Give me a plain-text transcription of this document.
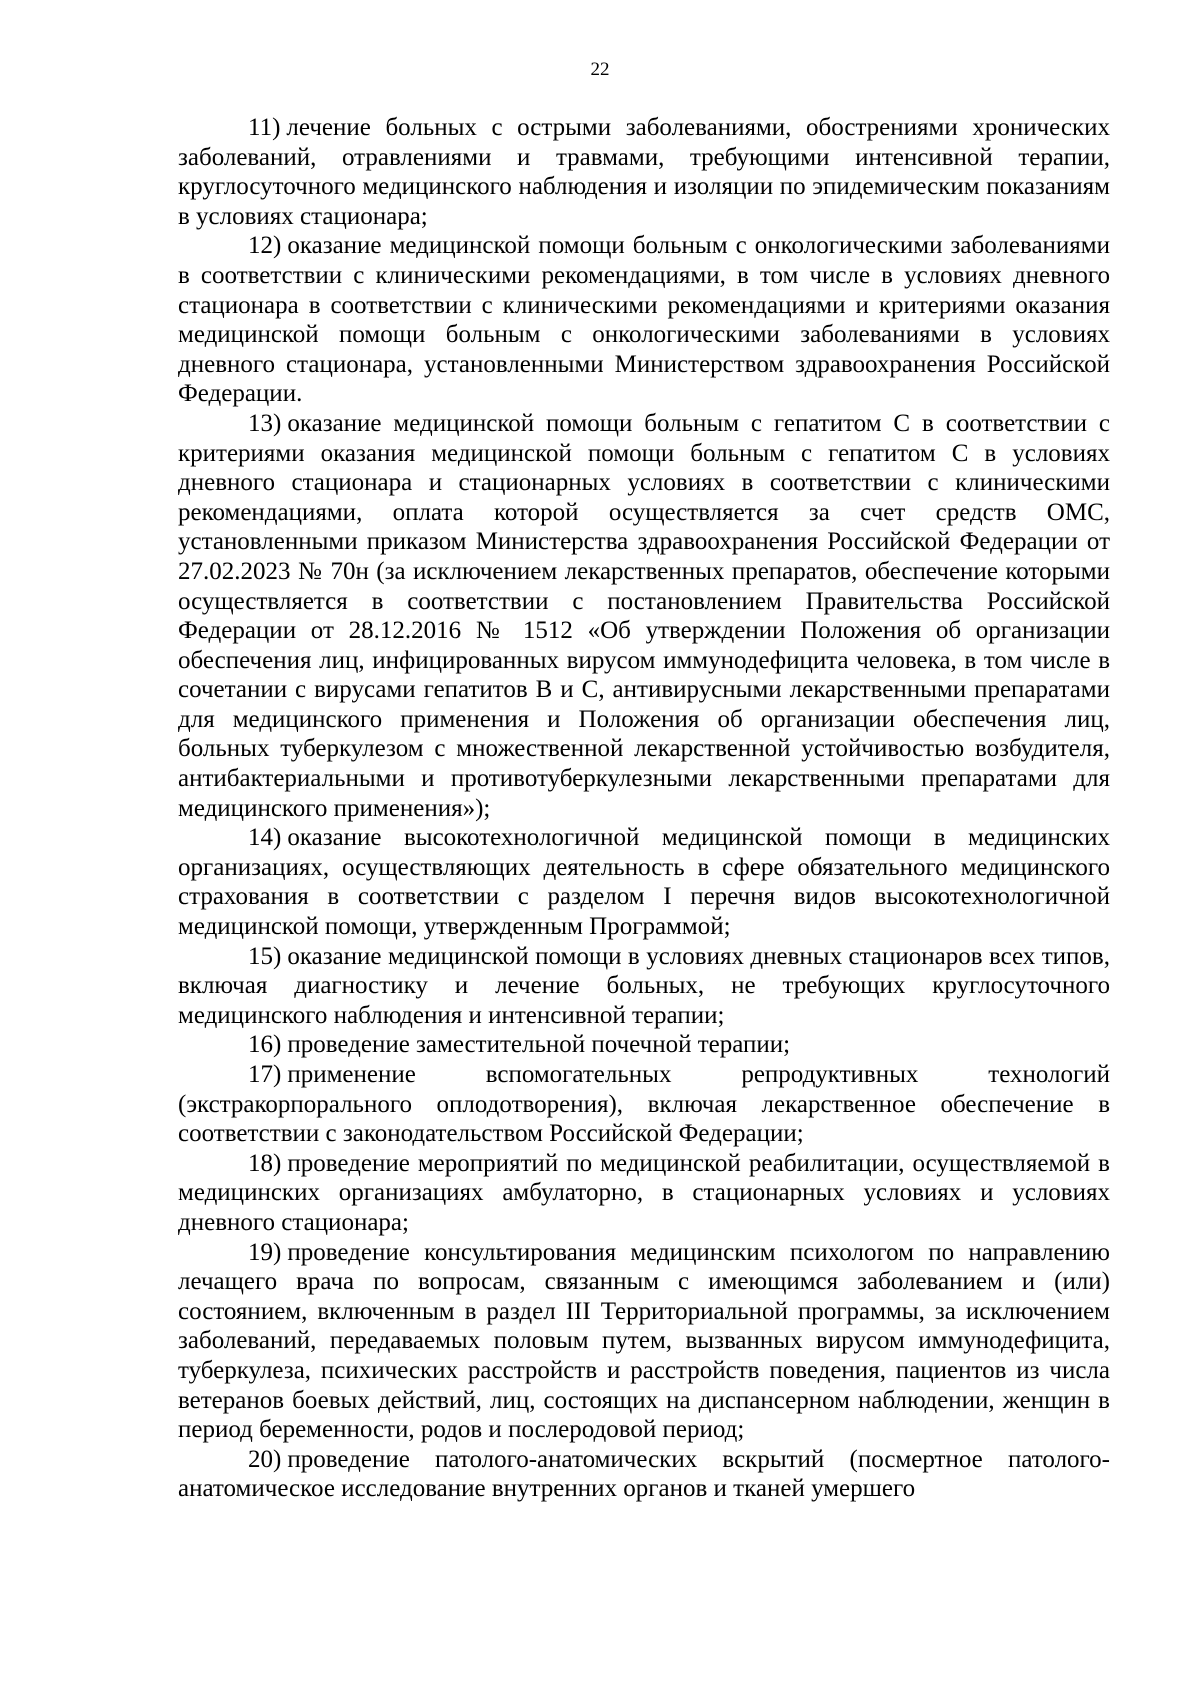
22

11) лечение больных с острыми заболеваниями, обострениями хронических заболеваний, отравлениями и травмами, требующими интенсивной терапии, круглосуточного медицинского наблюдения и изоляции по эпидемическим показаниям в условиях стационара;

12) оказание медицинской помощи больным с онкологическими заболеваниями в соответствии с клиническими рекомендациями, в том числе в условиях дневного стационара в соответствии с клиническими рекомендациями и критериями оказания медицинской помощи больным с онкологическими заболеваниями в условиях дневного стационара, установленными Министерством здравоохранения Российской Федерации.

13) оказание медицинской помощи больным с гепатитом С в соответствии с критериями оказания медицинской помощи больным с гепатитом С в условиях дневного стационара и стационарных условиях в соответствии с клиническими рекомендациями, оплата которой осуществляется за счет средств ОМС, установленными приказом Министерства здравоохранения Российской Федерации от 27.02.2023 № 70н (за исключением лекарственных препаратов, обеспечение которыми осуществляется в соответствии с постановлением Правительства Российской Федерации от 28.12.2016 № 1512 «Об утверждении Положения об организации обеспечения лиц, инфицированных вирусом иммунодефицита человека, в том числе в сочетании с вирусами гепатитов B и C, антивирусными лекарственными препаратами для медицинского применения и Положения об организации обеспечения лиц, больных туберкулезом с множественной лекарственной устойчивостью возбудителя, антибактериальными и противотуберкулезными лекарственными препаратами для медицинского применения»);

14) оказание высокотехнологичной медицинской помощи в медицинских организациях, осуществляющих деятельность в сфере обязательного медицинского страхования в соответствии с разделом I перечня видов высокотехнологичной медицинской помощи, утвержденным Программой;

15) оказание медицинской помощи в условиях дневных стационаров всех типов, включая диагностику и лечение больных, не требующих круглосуточного медицинского наблюдения и интенсивной терапии;

16) проведение заместительной почечной терапии;

17) применение вспомогательных репродуктивных технологий (экстракорпорального оплодотворения), включая лекарственное обеспечение в соответствии с законодательством Российской Федерации;

18) проведение мероприятий по медицинской реабилитации, осуществляемой в медицинских организациях амбулаторно, в стационарных условиях и условиях дневного стационара;

19) проведение консультирования медицинским психологом по направлению лечащего врача по вопросам, связанным с имеющимся заболеванием и (или) состоянием, включенным в раздел III Территориальной программы, за исключением заболеваний, передаваемых половым путем, вызванных вирусом иммунодефицита, туберкулеза, психических расстройств и расстройств поведения, пациентов из числа ветеранов боевых действий, лиц, состоящих на диспансерном наблюдении, женщин в период беременности, родов и послеродовой период;

20) проведение патолого-анатомических вскрытий (посмертное патолого-анатомическое исследование внутренних органов и тканей умершего
